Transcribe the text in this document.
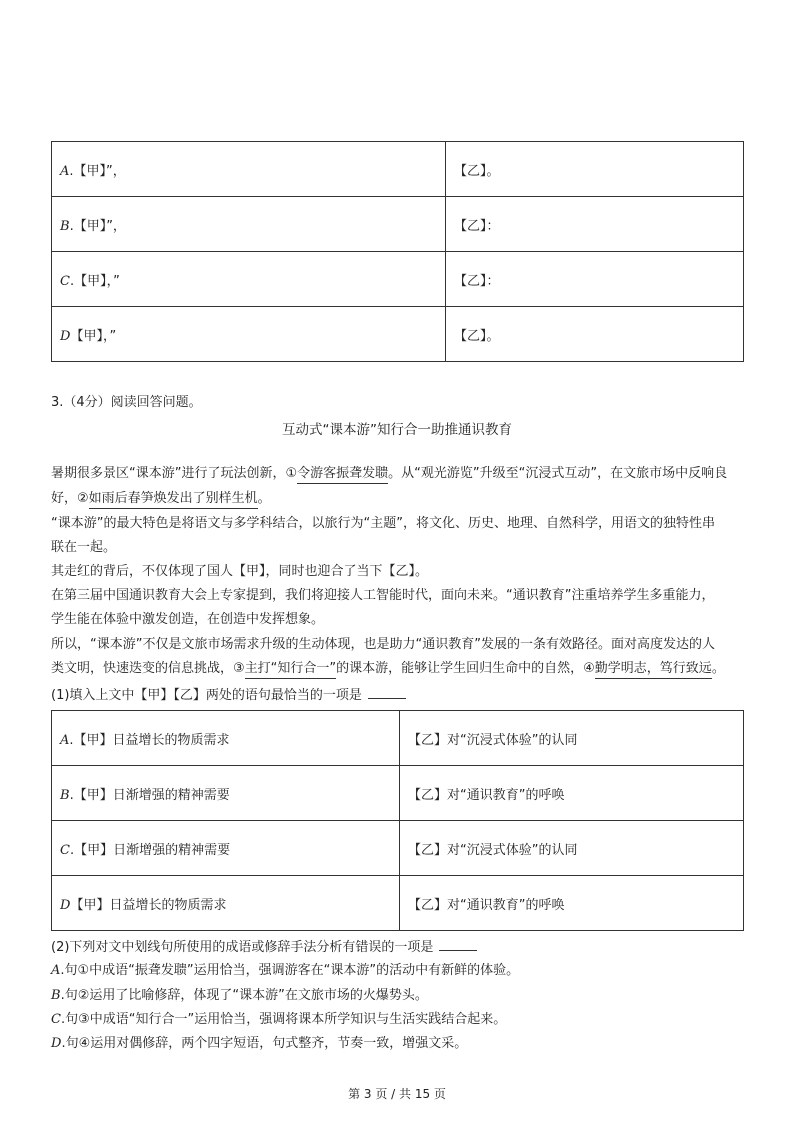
A.【甲】”，	【乙】。
B.【甲】”，	【乙】：
C.【甲】，”	【乙】：
D【甲】，”	【乙】。
3.（4分）阅读回答问题。
互动式“课本游”知行合一助推通识教育
暑期很多景区“课本游”进行了玩法创新，①令游客振聋发聩。从“观光游览”升级至“沉浸式互动”，在文旅市场中反响良
好，②如雨后春笋焕发出了别样生机。
“课本游”的最大特色是将语文与多学科结合，以旅行为“主题”，将文化、历史、地理、自然科学，用语文的独特性串
联在一起。
其走红的背后，不仅体现了国人【甲】，同时也迎合了当下【乙】。
在第三届中国通识教育大会上专家提到，我们将迎接人工智能时代，面向未来。“通识教育”注重培养学生多重能力，
学生能在体验中激发创造，在创造中发挥想象。
所以，“课本游”不仅是文旅市场需求升级的生动体现，也是助力“通识教育”发展的一条有效路径。面对高度发达的人
类文明，快速迭变的信息挑战，③主打“知行合一”的课本游，能够让学生回归生命中的自然，④勤学明志，笃行致远。
(1)填入上文中【甲】【乙】两处的语句最恰当的一项是
A.【甲】日益增长的物质需求	【乙】对“沉浸式体验”的认同
B.【甲】日渐增强的精神需要	【乙】对“通识教育”的呼唤
C.【甲】日渐增强的精神需要	【乙】对“沉浸式体验”的认同
D【甲】日益增长的物质需求	【乙】对“通识教育”的呼唤
(2)下列对文中划线句所使用的成语或修辞手法分析有错误的一项是
A.句①中成语“振聋发聩”运用恰当，强调游客在“课本游”的活动中有新鲜的体验。
B.句②运用了比喻修辞，体现了“课本游”在文旅市场的火爆势头。
C.句③中成语“知行合一”运用恰当，强调将课本所学知识与生活实践结合起来。
D.句④运用对偶修辞，两个四字短语，句式整齐，节奏一致，增强文采。
第 3 页 / 共 15 页
